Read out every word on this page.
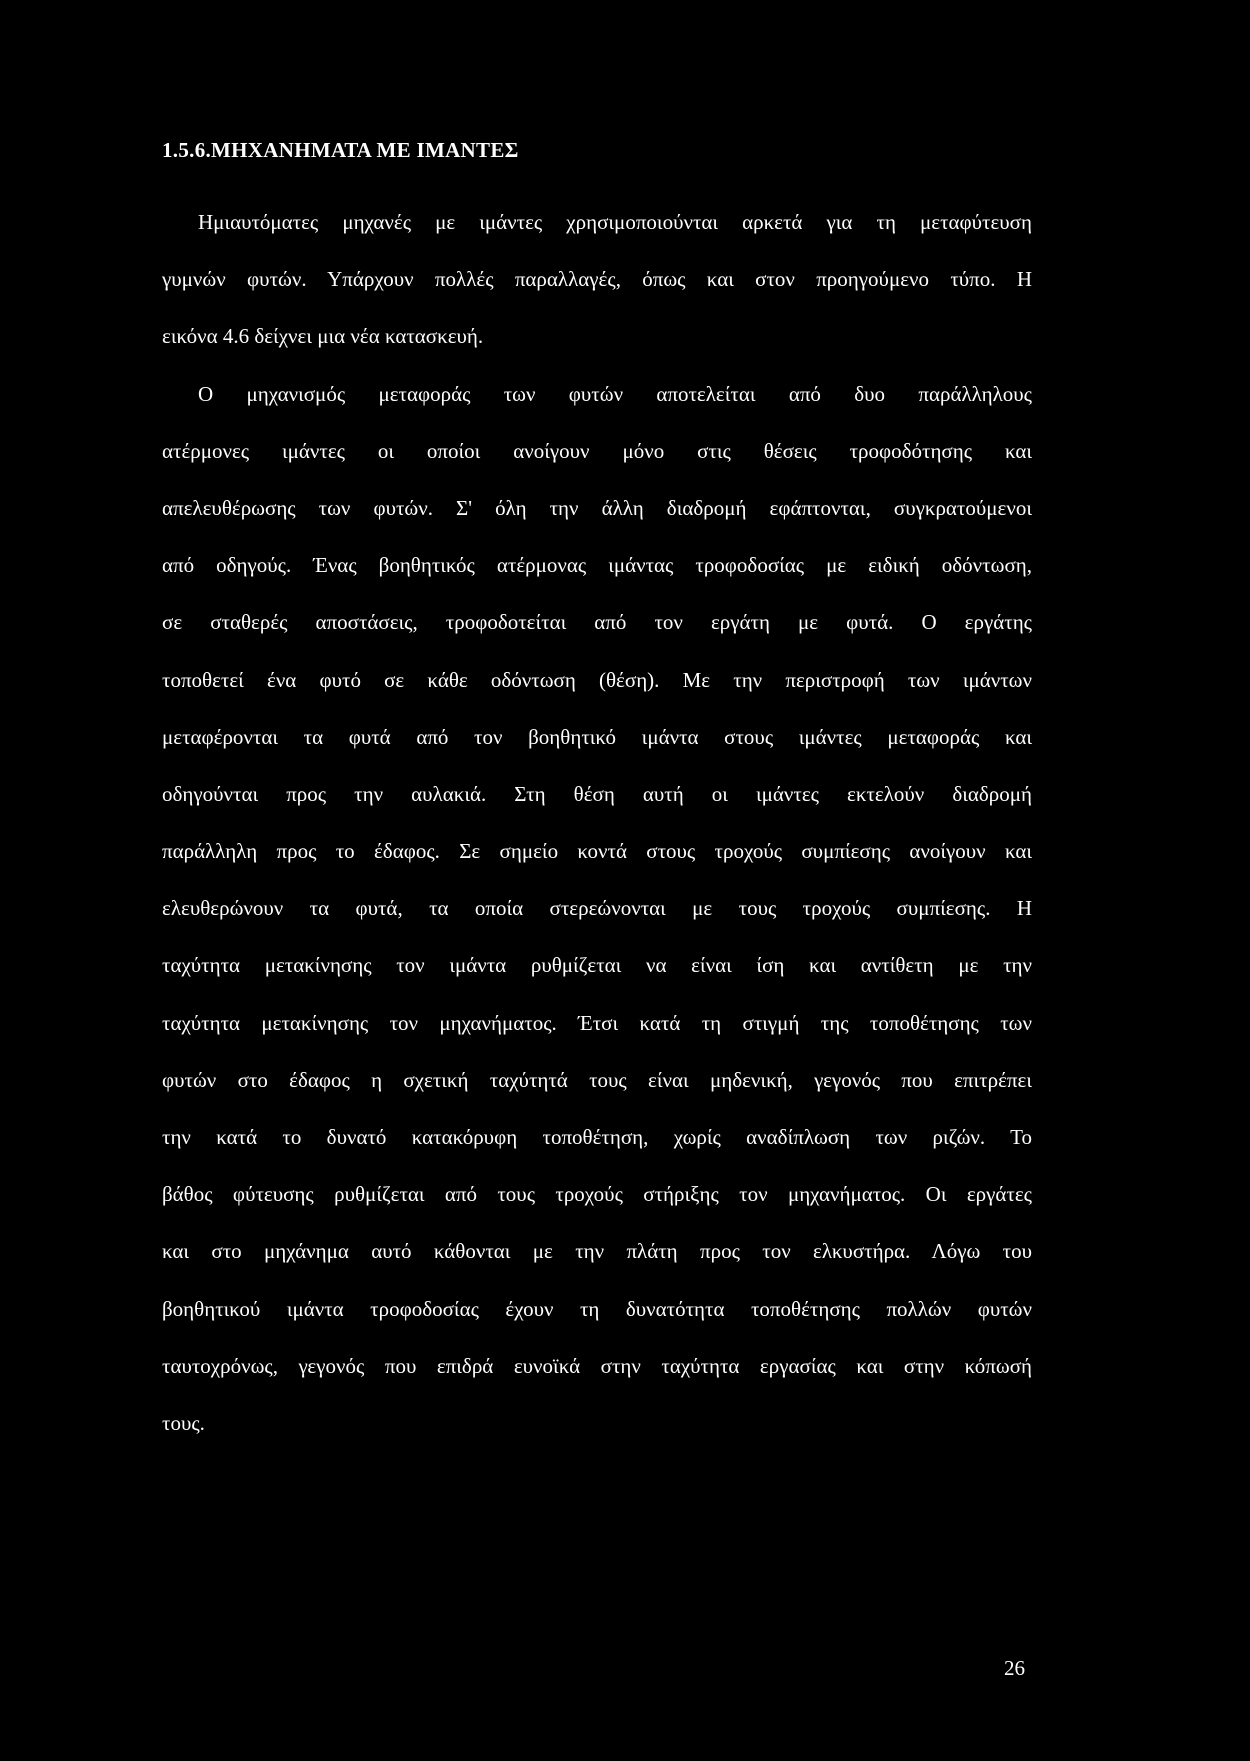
1.5.6.ΜΗΧΑΝΗΜΑΤΑ ΜΕ ΙΜΑΝΤΕΣ
Ημιαυτόματες μηχανές με ιμάντες χρησιμοποιούνται αρκετά για τη μεταφύτευση
γυμνών φυτών. Υπάρχουν πολλές παραλλαγές, όπως και στον προηγούμενο τύπο. Η
εικόνα 4.6 δείχνει μια νέα κατασκευή.
Ο μηχανισμός μεταφοράς των φυτών αποτελείται από δυο παράλληλους
ατέρμονες ιμάντες οι οποίοι ανοίγουν μόνο στις θέσεις τροφοδότησης και
απελευθέρωσης των φυτών. Σ' όλη την άλλη διαδρομή εφάπτονται, συγκρατούμενοι
από οδηγούς. Ένας βοηθητικός ατέρμονας ιμάντας τροφοδοσίας με ειδική οδόντωση,
σε σταθερές αποστάσεις, τροφοδοτείται από τον εργάτη με φυτά. Ο εργάτης
τοποθετεί ένα φυτό σε κάθε οδόντωση (θέση). Με την περιστροφή των ιμάντων
μεταφέρονται τα φυτά από τον βοηθητικό ιμάντα στους ιμάντες μεταφοράς και
οδηγούνται προς την αυλακιά. Στη θέση αυτή οι ιμάντες εκτελούν διαδρομή
παράλληλη προς το έδαφος. Σε σημείο κοντά στους τροχούς συμπίεσης ανοίγουν και
ελευθερώνουν τα φυτά, τα οποία στερεώνονται με τους τροχούς συμπίεσης. Η
ταχύτητα μετακίνησης τον ιμάντα ρυθμίζεται να είναι ίση και αντίθετη με την
ταχύτητα μετακίνησης τον μηχανήματος. Έτσι κατά τη στιγμή της τοποθέτησης των
φυτών στο έδαφος η σχετική ταχύτητά τους είναι μηδενική, γεγονός που επιτρέπει
την κατά το δυνατό κατακόρυφη τοποθέτηση, χωρίς αναδίπλωση των ριζών. Το
βάθος φύτευσης ρυθμίζεται από τους τροχούς στήριξης τον μηχανήματος. Οι εργάτες
και στο μηχάνημα αυτό κάθονται με την πλάτη προς τον ελκυστήρα. Λόγω του
βοηθητικού ιμάντα τροφοδοσίας έχουν τη δυνατότητα τοποθέτησης πολλών φυτών
ταυτοχρόνως, γεγονός που επιδρά ευνοϊκά στην ταχύτητα εργασίας και στην κόπωσή
τους.
26
